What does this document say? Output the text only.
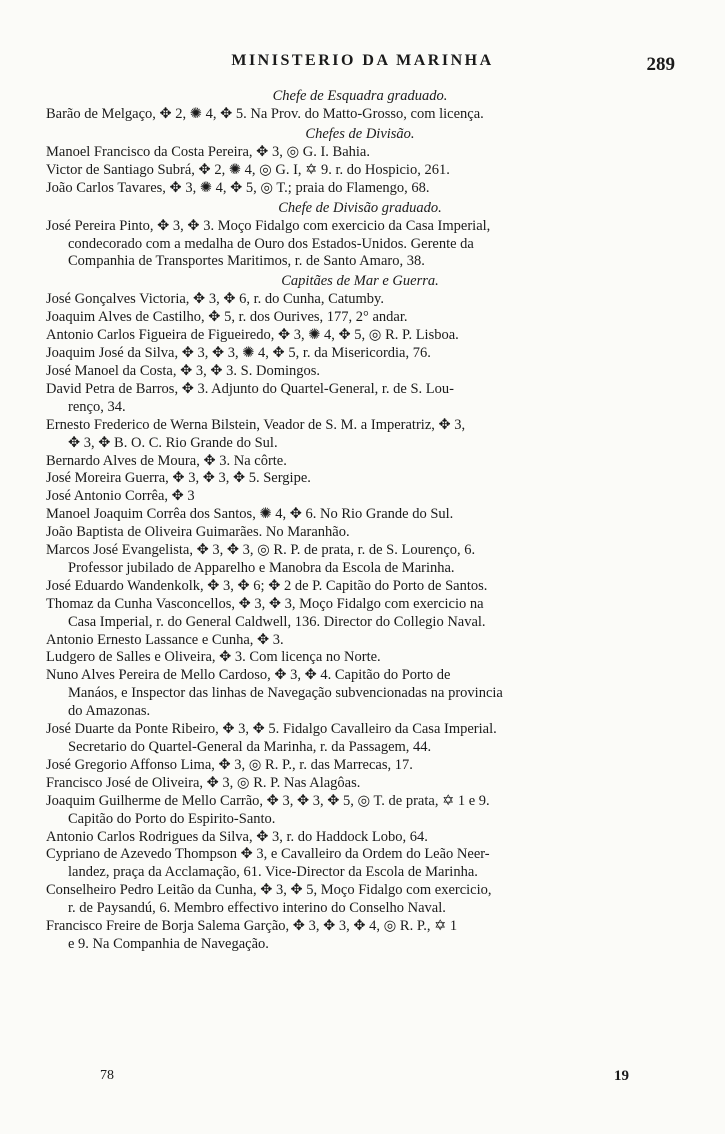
MINISTERIO DA MARINHA	289
Chefe de Esquadra graduado.
Barão de Melgaço, ✥ 2, ✺ 4, ✥ 5. Na Prov. do Matto-Grosso, com licença.
Chefes de Divisão.
Manoel Francisco da Costa Pereira, ✥ 3, ◎ G. I. Bahia.
Victor de Santiago Subrá, ✥ 2, ✺ 4, ◎ G. I, ✡ 9. r. do Hospicio, 261.
João Carlos Tavares, ✥ 3, ✺ 4, ✥ 5, ◎ T.; praia do Flamengo, 68.
Chefe de Divisão graduado.
José Pereira Pinto, ✥ 3, ✥ 3. Moço Fidalgo com exercicio da Casa Imperial,
condecorado com a medalha de Ouro dos Estados-Unidos. Gerente da
Companhia de Transportes Maritimos, r. de Santo Amaro, 38.
Capitães de Mar e Guerra.
José Gonçalves Victoria, ✥ 3, ✥ 6, r. do Cunha, Catumby.
Joaquim Alves de Castilho, ✥ 5, r. dos Ourives, 177, 2° andar.
Antonio Carlos Figueira de Figueiredo, ✥ 3, ✺ 4, ✥ 5, ◎ R. P. Lisboa.
Joaquim José da Silva, ✥ 3, ✥ 3, ✺ 4, ✥ 5, r. da Misericordia, 76.
José Manoel da Costa, ✥ 3, ✥ 3. S. Domingos.
David Petra de Barros, ✥ 3. Adjunto do Quartel-General, r. de S. Lou-
renço, 34.
Ernesto Frederico de Werna Bilstein, Veador de S. M. a Imperatriz, ✥ 3,
✥ 3, ✥ B. O. C. Rio Grande do Sul.
Bernardo Alves de Moura, ✥ 3. Na côrte.
José Moreira Guerra, ✥ 3, ✥ 3, ✥ 5. Sergipe.
José Antonio Corrêa, ✥ 3
Manoel Joaquim Corrêa dos Santos, ✺ 4, ✥ 6. No Rio Grande do Sul.
João Baptista de Oliveira Guimarães. No Maranhão.
Marcos José Evangelista, ✥ 3, ✥ 3, ◎ R. P. de prata, r. de S. Lourenço, 6.
Professor jubilado de Apparelho e Manobra da Escola de Marinha.
José Eduardo Wandenkolk, ✥ 3, ✥ 6; ✥ 2 de P. Capitão do Porto de Santos.
Thomaz da Cunha Vasconcellos, ✥ 3, ✥ 3, Moço Fidalgo com exercicio na
Casa Imperial, r. do General Caldwell, 136. Director do Collegio Naval.
Antonio Ernesto Lassance e Cunha, ✥ 3.
Ludgero de Salles e Oliveira, ✥ 3. Com licença no Norte.
Nuno Alves Pereira de Mello Cardoso, ✥ 3, ✥ 4. Capitão do Porto de
Manáos, e Inspector das linhas de Navegação subvencionadas na provincia
do Amazonas.
José Duarte da Ponte Ribeiro, ✥ 3, ✥ 5. Fidalgo Cavalleiro da Casa Imperial.
Secretario do Quartel-General da Marinha, r. da Passagem, 44.
José Gregorio Affonso Lima, ✥ 3, ◎ R. P., r. das Marrecas, 17.
Francisco José de Oliveira, ✥ 3, ◎ R. P. Nas Alagôas.
Joaquim Guilherme de Mello Carrão, ✥ 3, ✥ 3, ✥ 5, ◎ T. de prata, ✡ 1 e 9.
Capitão do Porto do Espirito-Santo.
Antonio Carlos Rodrigues da Silva, ✥ 3, r. do Haddock Lobo, 64.
Cypriano de Azevedo Thompson ✥ 3, e Cavalleiro da Ordem do Leão Neer-
landez, praça da Acclamação, 61. Vice-Director da Escola de Marinha.
Conselheiro Pedro Leitão da Cunha, ✥ 3, ✥ 5, Moço Fidalgo com exercicio,
r. de Paysandú, 6. Membro effectivo interino do Conselho Naval.
Francisco Freire de Borja Salema Garção, ✥ 3, ✥ 3, ✥ 4, ◎ R. P., ✡ 1
e 9. Na Companhia de Navegação.
78	19
